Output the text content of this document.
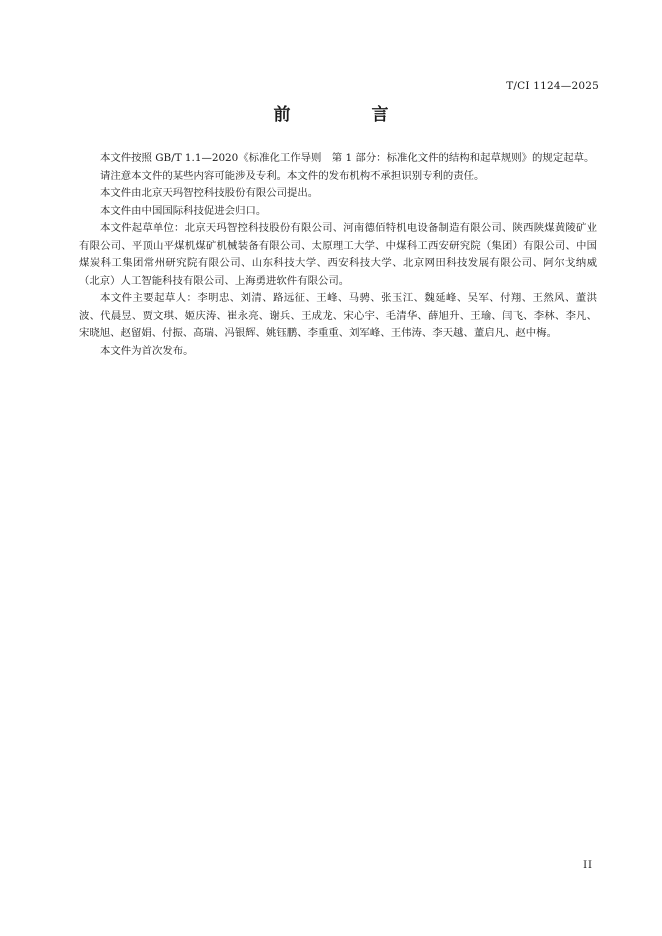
T/CI 1124—2025
前　言

本文件按照 GB/T 1.1—2020《标准化工作导则　第 1 部分：标准化文件的结构和起草规则》的规定起草。

请注意本文件的某些内容可能涉及专利。本文件的发布机构不承担识别专利的责任。

本文件由北京天玛智控科技股份有限公司提出。

本文件由中国国际科技促进会归口。

本文件起草单位：北京天玛智控科技股份有限公司、河南德佰特机电设备制造有限公司、陕西陕煤黄陵矿业有限公司、平顶山平煤机煤矿机械装备有限公司、太原理工大学、中煤科工西安研究院（集团）有限公司、中国煤炭科工集团常州研究院有限公司、山东科技大学、西安科技大学、北京网田科技发展有限公司、阿尔戈纳威（北京）人工智能科技有限公司、上海勇进软件有限公司。

本文件主要起草人：李明忠、刘清、路远征、王峰、马骋、张玉江、魏延峰、吴军、付翔、王然风、董洪波、代晨昱、贾文琪、姬庆涛、崔永亮、谢兵、王成龙、宋心宇、毛清华、薛旭升、王瑜、闫飞、李林、李凡、宋晓旭、赵留娟、付振、高瑞、冯银辉、姚钰鹏、李重重、刘军峰、王伟涛、李天越、董启凡、赵中梅。

本文件为首次发布。

II
